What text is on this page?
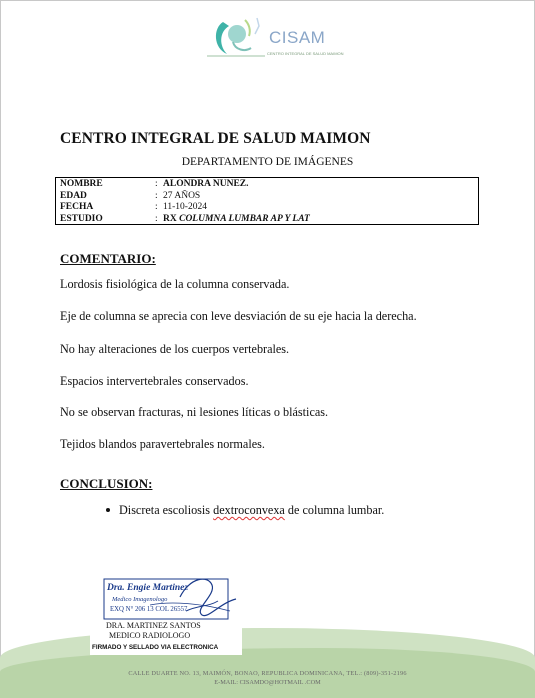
CISAM
CENTRO INTEGRAL DE SALUD MAIMON
CENTRO INTEGRAL DE SALUD MAIMON
DEPARTAMENTO DE IMÁGENES
NOMBRE	: ALONDRA NUNEZ.
EDAD	: 27 AÑOS
FECHA	: 11-10-2024
ESTUDIO	: RX COLUMNA LUMBAR AP Y LAT
COMENTARIO:
Lordosis fisiológica de la columna conservada.
Eje de columna se aprecia con leve desviación de su eje hacia la derecha.
No hay alteraciones de los cuerpos vertebrales.
Espacios intervertebrales conservados.
No se observan fracturas, ni lesiones líticas o blásticas.
Tejidos blandos paravertebrales normales.
CONCLUSION:
Discreta escoliosis dextroconvexa de columna lumbar.
Dra. Engie Martinez
Medico Imagenologo
EXQ N° 206 13 COL 26557
DRA. MARTINEZ SANTOS
MEDICO RADIOLOGO
FIRMADO Y SELLADO VIA ELECTRONICA
CALLE DUARTE NO. 13, MAIMÓN, BONAO, REPUBLICA DOMINICANA, TEL.: (809)-351-2196
E-MAIL: CISAMDO@HOTMAIL .COM
